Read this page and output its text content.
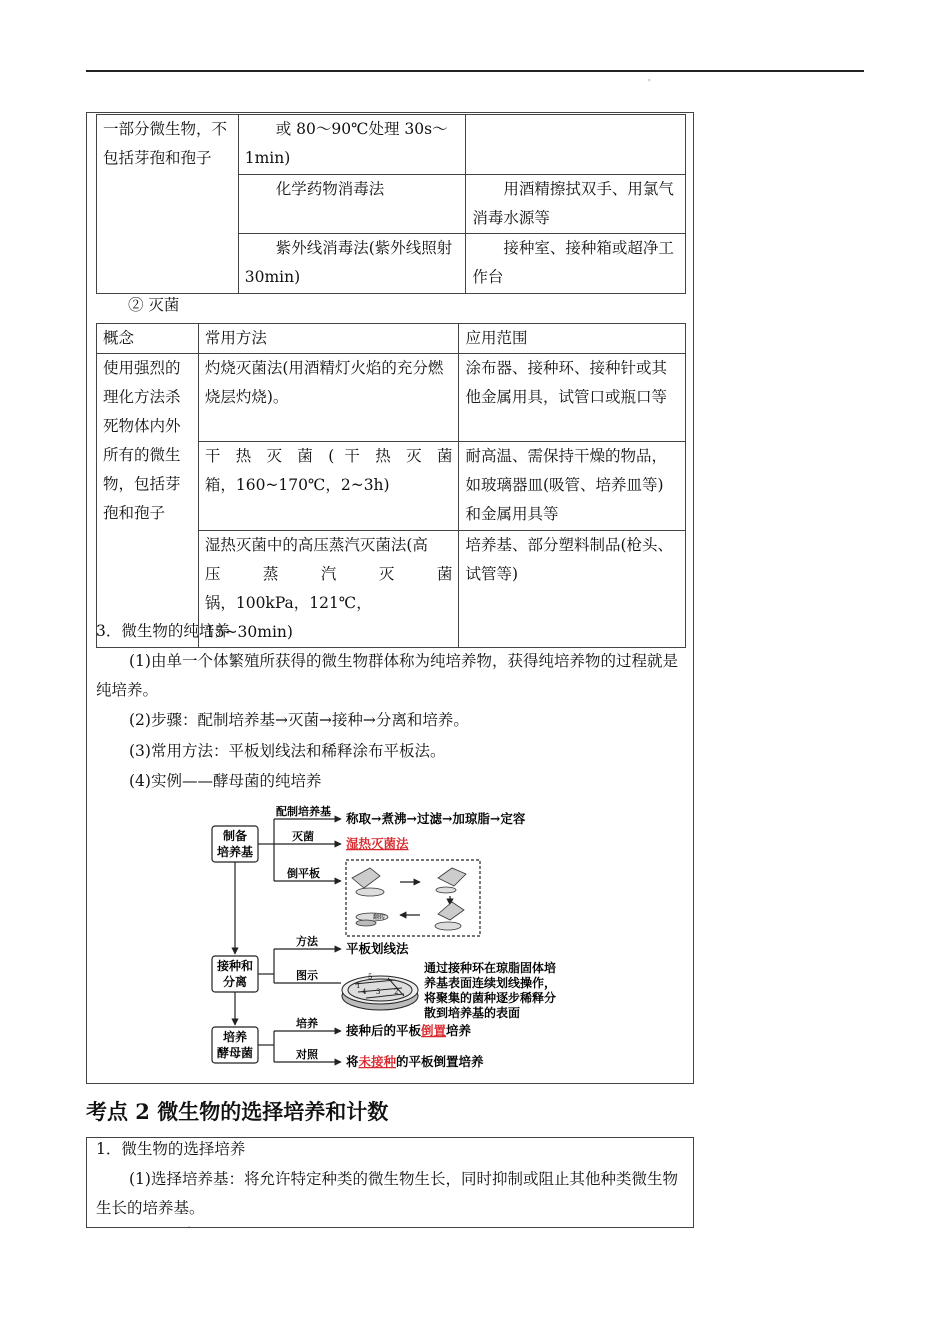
'
一部分微生物，不包括芽孢和孢子	或 80～90℃处理 30s～1min)	
	化学药物消毒法	用酒精擦拭双手、用氯气消毒水源等
	紫外线消毒法(紫外线照射 30min)	接种室、接种箱或超净工作台

② 灭菌

概念	常用方法	应用范围
使用强烈的理化方法杀死物体内外所有的微生物，包括芽孢和孢子	灼烧灭菌法(用酒精灯火焰的充分燃烧层灼烧)。	涂布器、接种环、接种针或其他金属用具，试管口或瓶口等

	干 热 灭 菌 ( 干 热 灭 菌
箱，160~170℃，2~3h)	耐高温、需保持干燥的物品，如玻璃器皿(吸管、培养皿等)和金属用具等

	湿热灭菌中的高压蒸汽灭菌法(高
压 蒸 汽 灭 菌
锅，100kPa，121℃，15~30min)	培养基、部分塑料制品(枪头、试管等)

3．微生物的纯培养

(1)由单一个体繁殖所获得的微生物群体称为纯培养物，获得纯培养物的过程就是纯培养。

(2)步骤：配制培养基→灭菌→接种→分离和培养。

(3)常用方法：平板划线法和稀释涂布平板法。

(4)实例——酵母菌的纯培养

制备
培养基
接种和
分离
培养
酵母菌
配制培养基
灭菌
倒平板
方法
图示
培养
对照
称取→煮沸→过滤→加琼脂→定容
湿热灭菌法
平板划线法
接种后的平板倒置培养
将未接种的平板倒置培养
通过接种环在琼脂固体培
养基表面连续划线操作，
将聚集的菌种逐步稀释分
散到培养基的表面
1
2
3
4
5
翻转
考点 2 微生物的选择培养和计数

1．微生物的选择培养

(1)选择培养基：将允许特定种类的微生物生长，同时抑制或阻止其他种类微生物生长的培养基。

'
